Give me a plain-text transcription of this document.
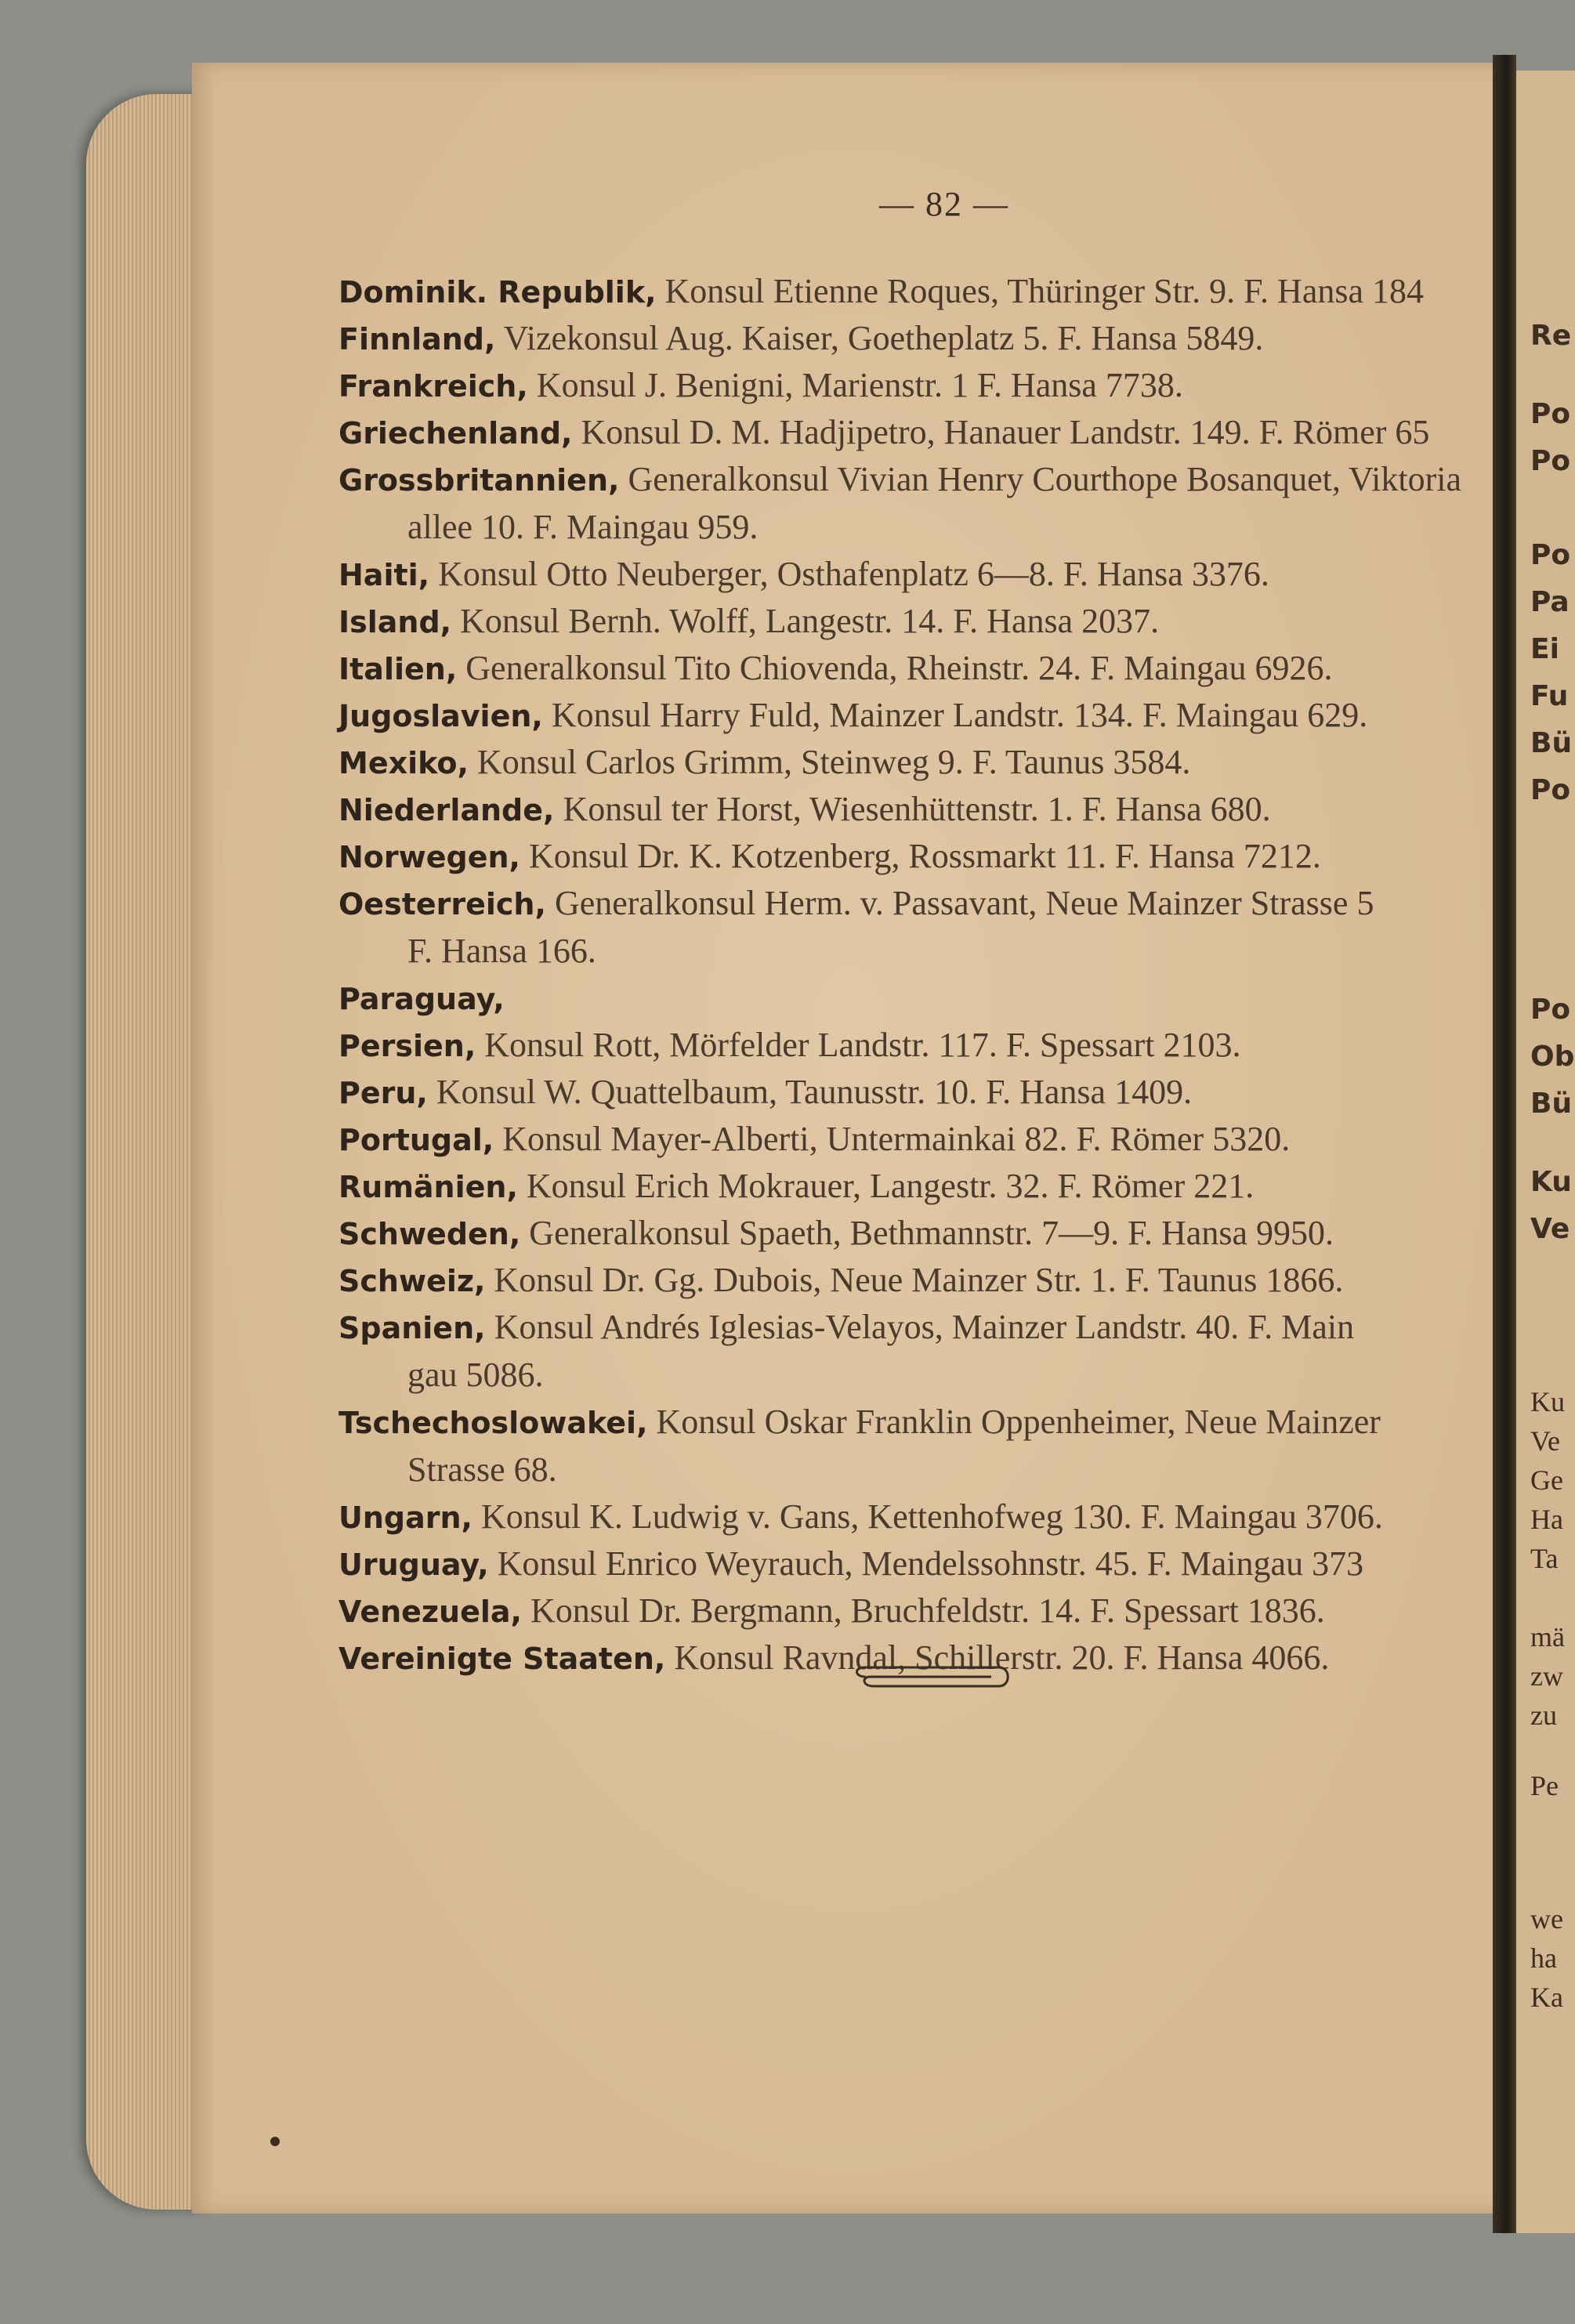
Re
Po
Po
Po
Pa
Ei
Fu
Bü
Po
Po
Ob
Bü
Ku
Ve
Ku
Ve
Ge
Ha
Ta
mä
zw
zu
Pe
we
ha
Ka
— 82 —
Dominik. Republik, Konsul Etienne Roques, Thüringer Str. 9. F. Hansa 184
Finnland, Vizekonsul Aug. Kaiser, Goetheplatz 5. F. Hansa 5849.
Frankreich, Konsul J. Benigni, Marienstr. 1 F. Hansa 7738.
Griechenland, Konsul D. M. Hadjipetro, Hanauer Landstr. 149. F. Römer 65
Grossbritannien, Generalkonsul Vivian Henry Courthope Bosanquet, Viktoria
allee 10. F. Maingau 959.
Haiti, Konsul Otto Neuberger, Osthafenplatz 6—8. F. Hansa 3376.
Island, Konsul Bernh. Wolff, Langestr. 14. F. Hansa 2037.
Italien, Generalkonsul Tito Chiovenda, Rheinstr. 24. F. Maingau 6926.
Jugoslavien, Konsul Harry Fuld, Mainzer Landstr. 134. F. Maingau 629.
Mexiko, Konsul Carlos Grimm, Steinweg 9. F. Taunus 3584.
Niederlande, Konsul ter Horst, Wiesenhüttenstr. 1. F. Hansa 680.
Norwegen, Konsul Dr. K. Kotzenberg, Rossmarkt 11. F. Hansa 7212.
Oesterreich, Generalkonsul Herm. v. Passavant, Neue Mainzer Strasse 5
F. Hansa 166.
Paraguay,
Persien, Konsul Rott, Mörfelder Landstr. 117. F. Spessart 2103.
Peru, Konsul W. Quattelbaum, Taunusstr. 10. F. Hansa 1409.
Portugal, Konsul Mayer-Alberti, Untermainkai 82. F. Römer 5320.
Rumänien, Konsul Erich Mokrauer, Langestr. 32. F. Römer 221.
Schweden, Generalkonsul Spaeth, Bethmannstr. 7—9. F. Hansa 9950.
Schweiz, Konsul Dr. Gg. Dubois, Neue Mainzer Str. 1. F. Taunus 1866.
Spanien, Konsul Andrés Iglesias-Velayos, Mainzer Landstr. 40. F. Main
gau 5086.
Tschechoslowakei, Konsul Oskar Franklin Oppenheimer, Neue Mainzer
Strasse 68.
Ungarn, Konsul K. Ludwig v. Gans, Kettenhofweg 130. F. Maingau 3706.
Uruguay, Konsul Enrico Weyrauch, Mendelssohnstr. 45. F. Maingau 373
Venezuela, Konsul Dr. Bergmann, Bruchfeldstr. 14. F. Spessart 1836.
Vereinigte Staaten, Konsul Ravndal, Schillerstr. 20. F. Hansa 4066.
